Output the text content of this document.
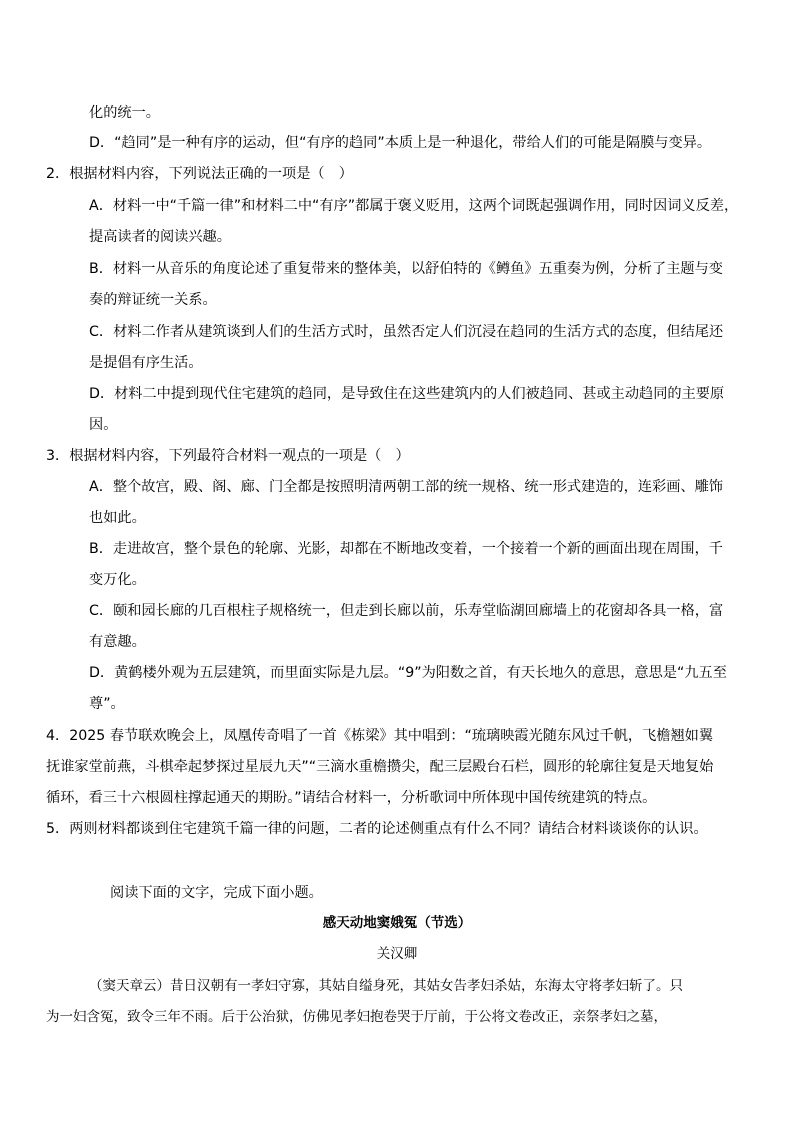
化的统一。
D．“趋同”是一种有序的运动，但“有序的趋同”本质上是一种退化，带给人们的可能是隔膜与变异。
2．根据材料内容，下列说法正确的一项是（　）
A．材料一中“千篇一律”和材料二中“有序”都属于褒义贬用，这两个词既起强调作用，同时因词义反差，
提高读者的阅读兴趣。
B．材料一从音乐的角度论述了重复带来的整体美，以舒伯特的《鳟鱼》五重奏为例，分析了主题与变
奏的辩证统一关系。
C．材料二作者从建筑谈到人们的生活方式时，虽然否定人们沉浸在趋同的生活方式的态度，但结尾还
是提倡有序生活。
D．材料二中提到现代住宅建筑的趋同，是导致住在这些建筑内的人们被趋同、甚或主动趋同的主要原
因。
3．根据材料内容，下列最符合材料一观点的一项是（　）
A．整个故宫，殿、阁、廊、门全都是按照明清两朝工部的统一规格、统一形式建造的，连彩画、雕饰
也如此。
B．走进故宫，整个景色的轮廓、光影，却都在不断地改变着，一个接着一个新的画面出现在周围，千
变万化。
C．颐和园长廊的几百根柱子规格统一，但走到长廊以前，乐寿堂临湖回廊墙上的花窗却各具一格，富
有意趣。
D．黄鹤楼外观为五层建筑，而里面实际是九层。“9”为阳数之首，有天长地久的意思，意思是“九五至
尊”。
4．2025 春节联欢晚会上，凤凰传奇唱了一首《栋梁》其中唱到：“琉璃映霞光随东风过千帆，飞檐翘如翼
抚谁家堂前燕，斗棋牵起梦探过星辰九天”“三滴水重檐攒尖，配三层殿台石栏，圆形的轮廓往复是天地复始
循环，看三十六根圆柱撑起通天的期盼。”请结合材料一，分析歌词中所体现中国传统建筑的特点。
5．两则材料都谈到住宅建筑千篇一律的问题，二者的论述侧重点有什么不同？请结合材料谈谈你的认识。
阅读下面的文字，完成下面小题。
感天动地窦娥冤（节选）
关汉卿
（窦天章云）昔日汉朝有一孝妇守寡，其姑自缢身死，其姑女告孝妇杀姑，东海太守将孝妇斩了。只
为一妇含冤，致令三年不雨。后于公治狱，仿佛见孝妇抱卷哭于厅前，于公将文卷改正，亲祭孝妇之墓，
